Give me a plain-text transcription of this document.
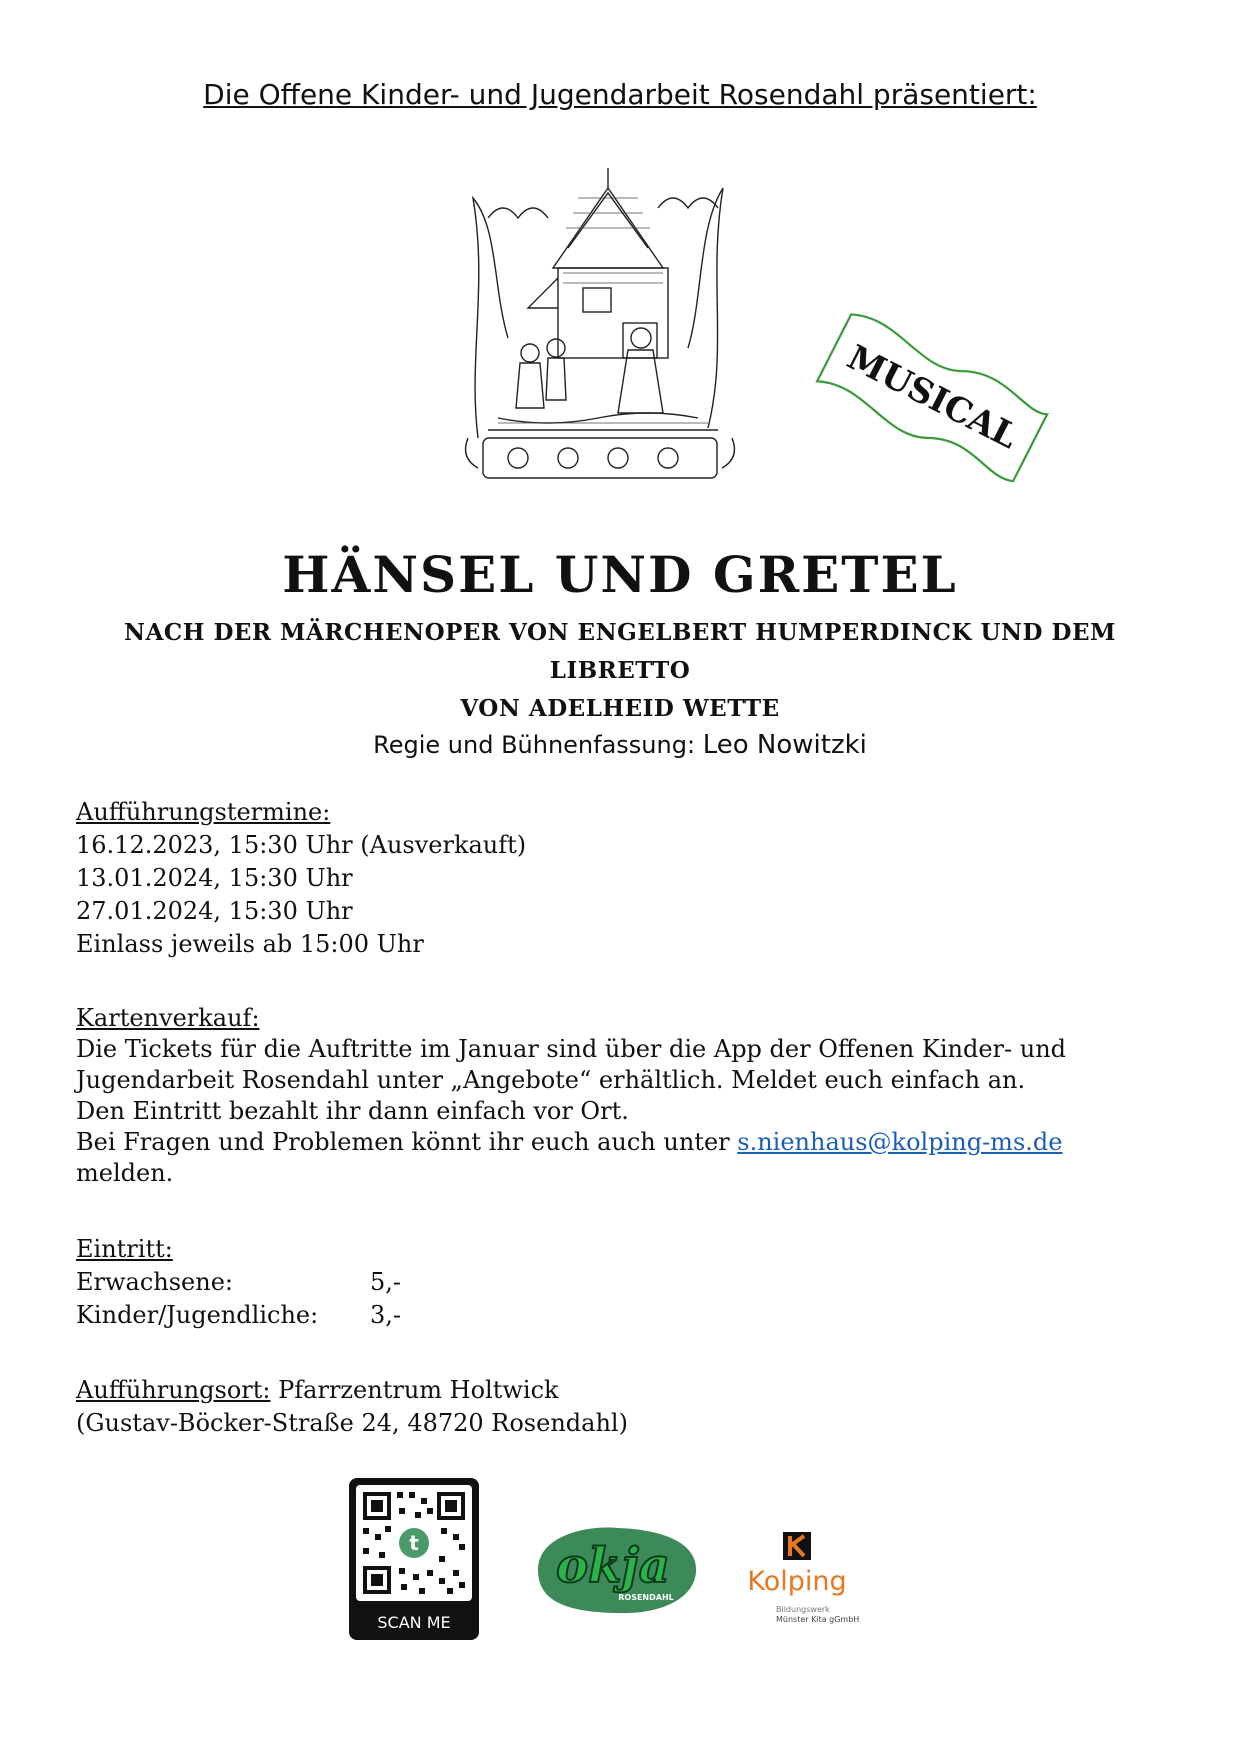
Die Offene Kinder- und Jugendarbeit Rosendahl präsentiert:
MUSICAL
HÄNSEL UND GRETEL
NACH DER MÄRCHENOPER VON ENGELBERT HUMPERDINCK UND DEM LIBRETTO
VON ADELHEID WETTE
Regie und Bühnenfassung: Leo Nowitzki
Aufführungstermine:
16.12.2023, 15:30 Uhr (Ausverkauft)
13.01.2024, 15:30 Uhr
27.01.2024, 15:30 Uhr
Einlass jeweils ab 15:00 Uhr
Kartenverkauf:
Die Tickets für die Auftritte im Januar sind über die App der Offenen Kinder- und
Jugendarbeit Rosendahl unter „Angebote“ erhältlich. Meldet euch einfach an.
Den Eintritt bezahlt ihr dann einfach vor Ort.
Bei Fragen und Problemen könnt ihr euch auch unter s.nienhaus@kolping-ms.de
melden.
Eintritt:
Erwachsene:	5,-
Kinder/Jugendliche:	3,-
Aufführungsort: Pfarrzentrum Holtwick
(Gustav-Böcker-Straße 24, 48720 Rosendahl)
t
SCAN ME
okja
ROSENDAHL
Kolping
Bildungswerk
Münster Kita gGmbH
